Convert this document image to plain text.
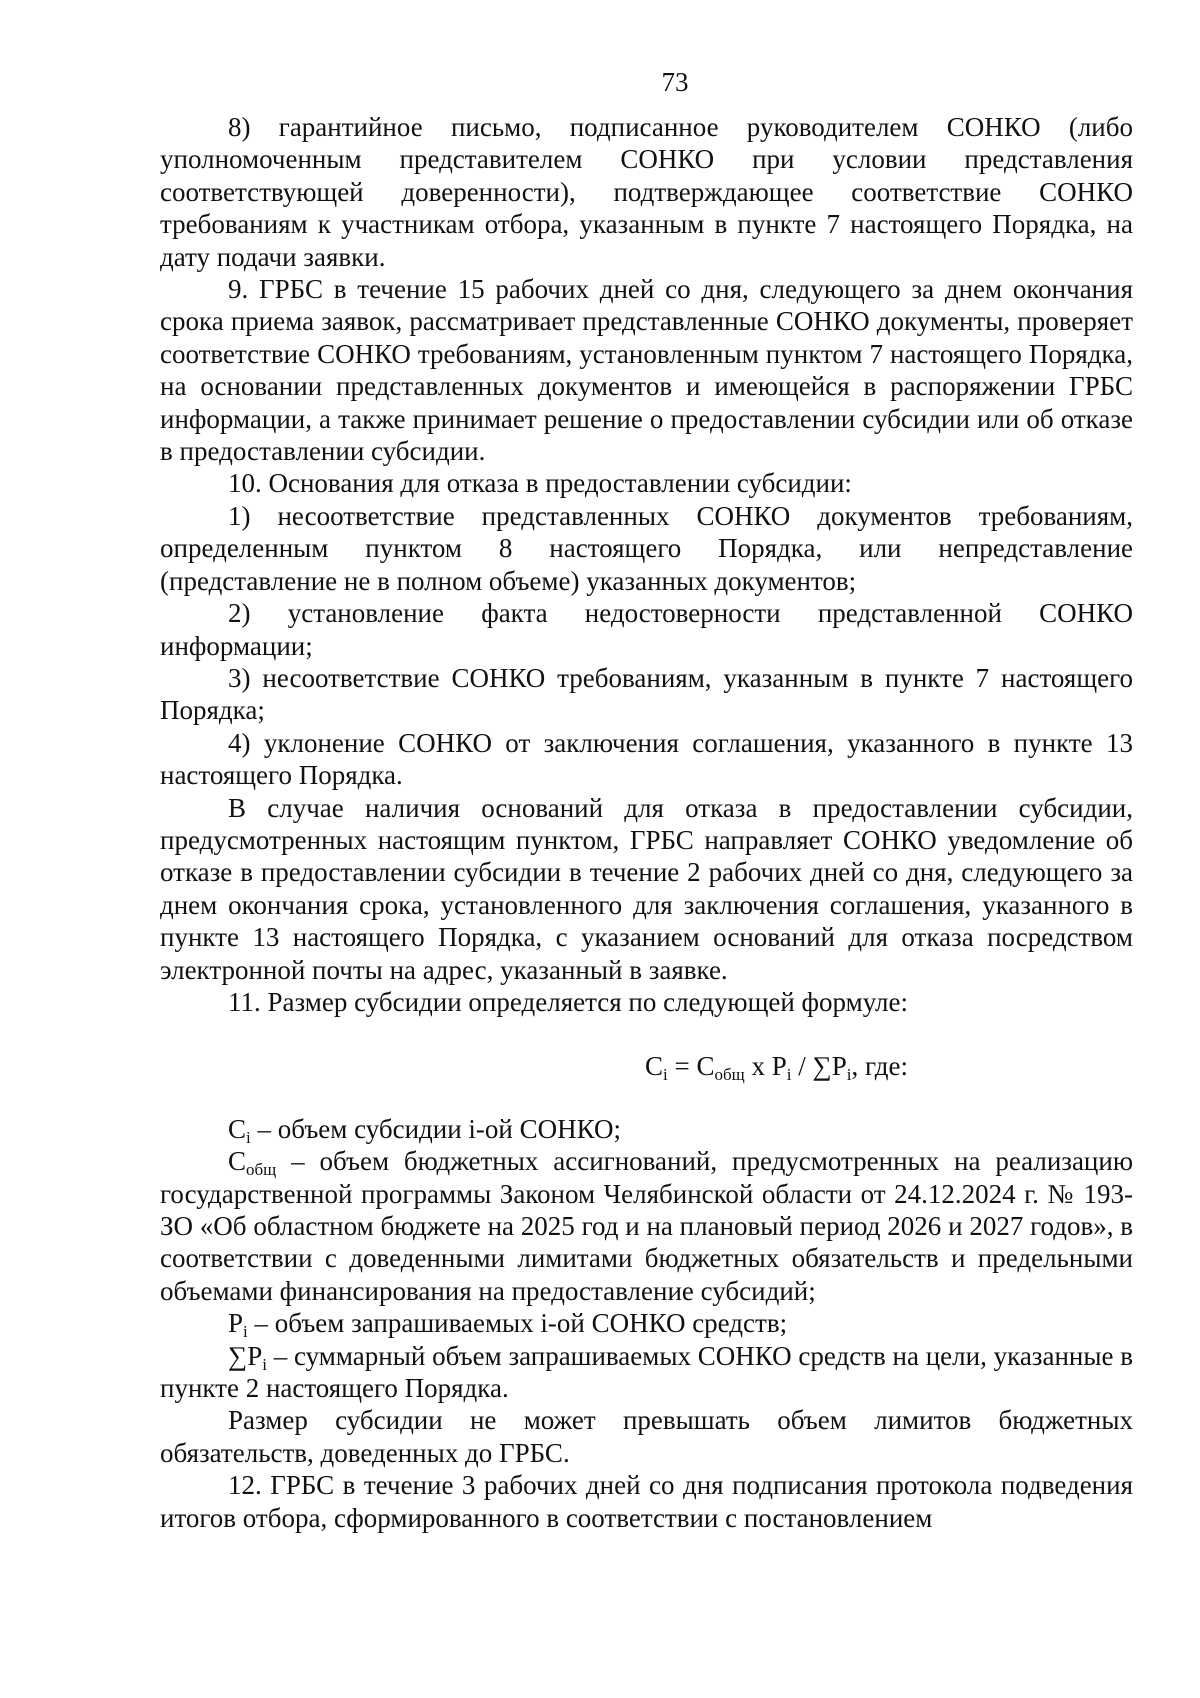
73

8) гарантийное письмо, подписанное руководителем СОНКО (либо уполномоченным представителем СОНКО при условии представления соответствующей доверенности), подтверждающее соответствие СОНКО требованиям к участникам отбора, указанным в пункте 7 настоящего Порядка, на дату подачи заявки.

9. ГРБС в течение 15 рабочих дней со дня, следующего за днем окончания срока приема заявок, рассматривает представленные СОНКО документы, проверяет соответствие СОНКО требованиям, установленным пунктом 7 настоящего Порядка, на основании представленных документов и имеющейся в распоряжении ГРБС информации, а также принимает решение о предоставлении субсидии или об отказе в предоставлении субсидии.

10. Основания для отказа в предоставлении субсидии:

1) несоответствие представленных СОНКО документов требованиям, определенным пунктом 8 настоящего Порядка, или непредставление (представление не в полном объеме) указанных документов;

2) установление факта недостоверности представленной СОНКО информации;

3) несоответствие СОНКО требованиям, указанным в пункте 7 настоящего Порядка;

4) уклонение СОНКО от заключения соглашения, указанного в пункте 13 настоящего Порядка.

В случае наличия оснований для отказа в предоставлении субсидии, предусмотренных настоящим пунктом, ГРБС направляет СОНКО уведомление об отказе в предоставлении субсидии в течение 2 рабочих дней со дня, следующего за днем окончания срока, установленного для заключения соглашения, указанного в пункте 13 настоящего Порядка, с указанием оснований для отказа посредством электронной почты на адрес, указанный в заявке.

11. Размер субсидии определяется по следующей формуле:

$C_i = C_{общ}$ x $P_i / \sum P_i$, где:

$C_i$ – объем субсидии i-ой СОНКО;

$C_{общ}$ – объем бюджетных ассигнований, предусмотренных на реализацию государственной программы Законом Челябинской области от 24.12.2024 г. № 193-ЗО «Об областном бюджете на 2025 год и на плановый период 2026 и 2027 годов», в соответствии с доведенными лимитами бюджетных обязательств и предельными объемами финансирования на предоставление субсидий;

$P_i$ – объем запрашиваемых i-ой СОНКО средств;

$\sum P_i$ – суммарный объем запрашиваемых СОНКО средств на цели, указанные в пункте 2 настоящего Порядка.

Размер субсидии не может превышать объем лимитов бюджетных обязательств, доведенных до ГРБС.

12. ГРБС в течение 3 рабочих дней со дня подписания протокола подведения итогов отбора, сформированного в соответствии с постановлением
